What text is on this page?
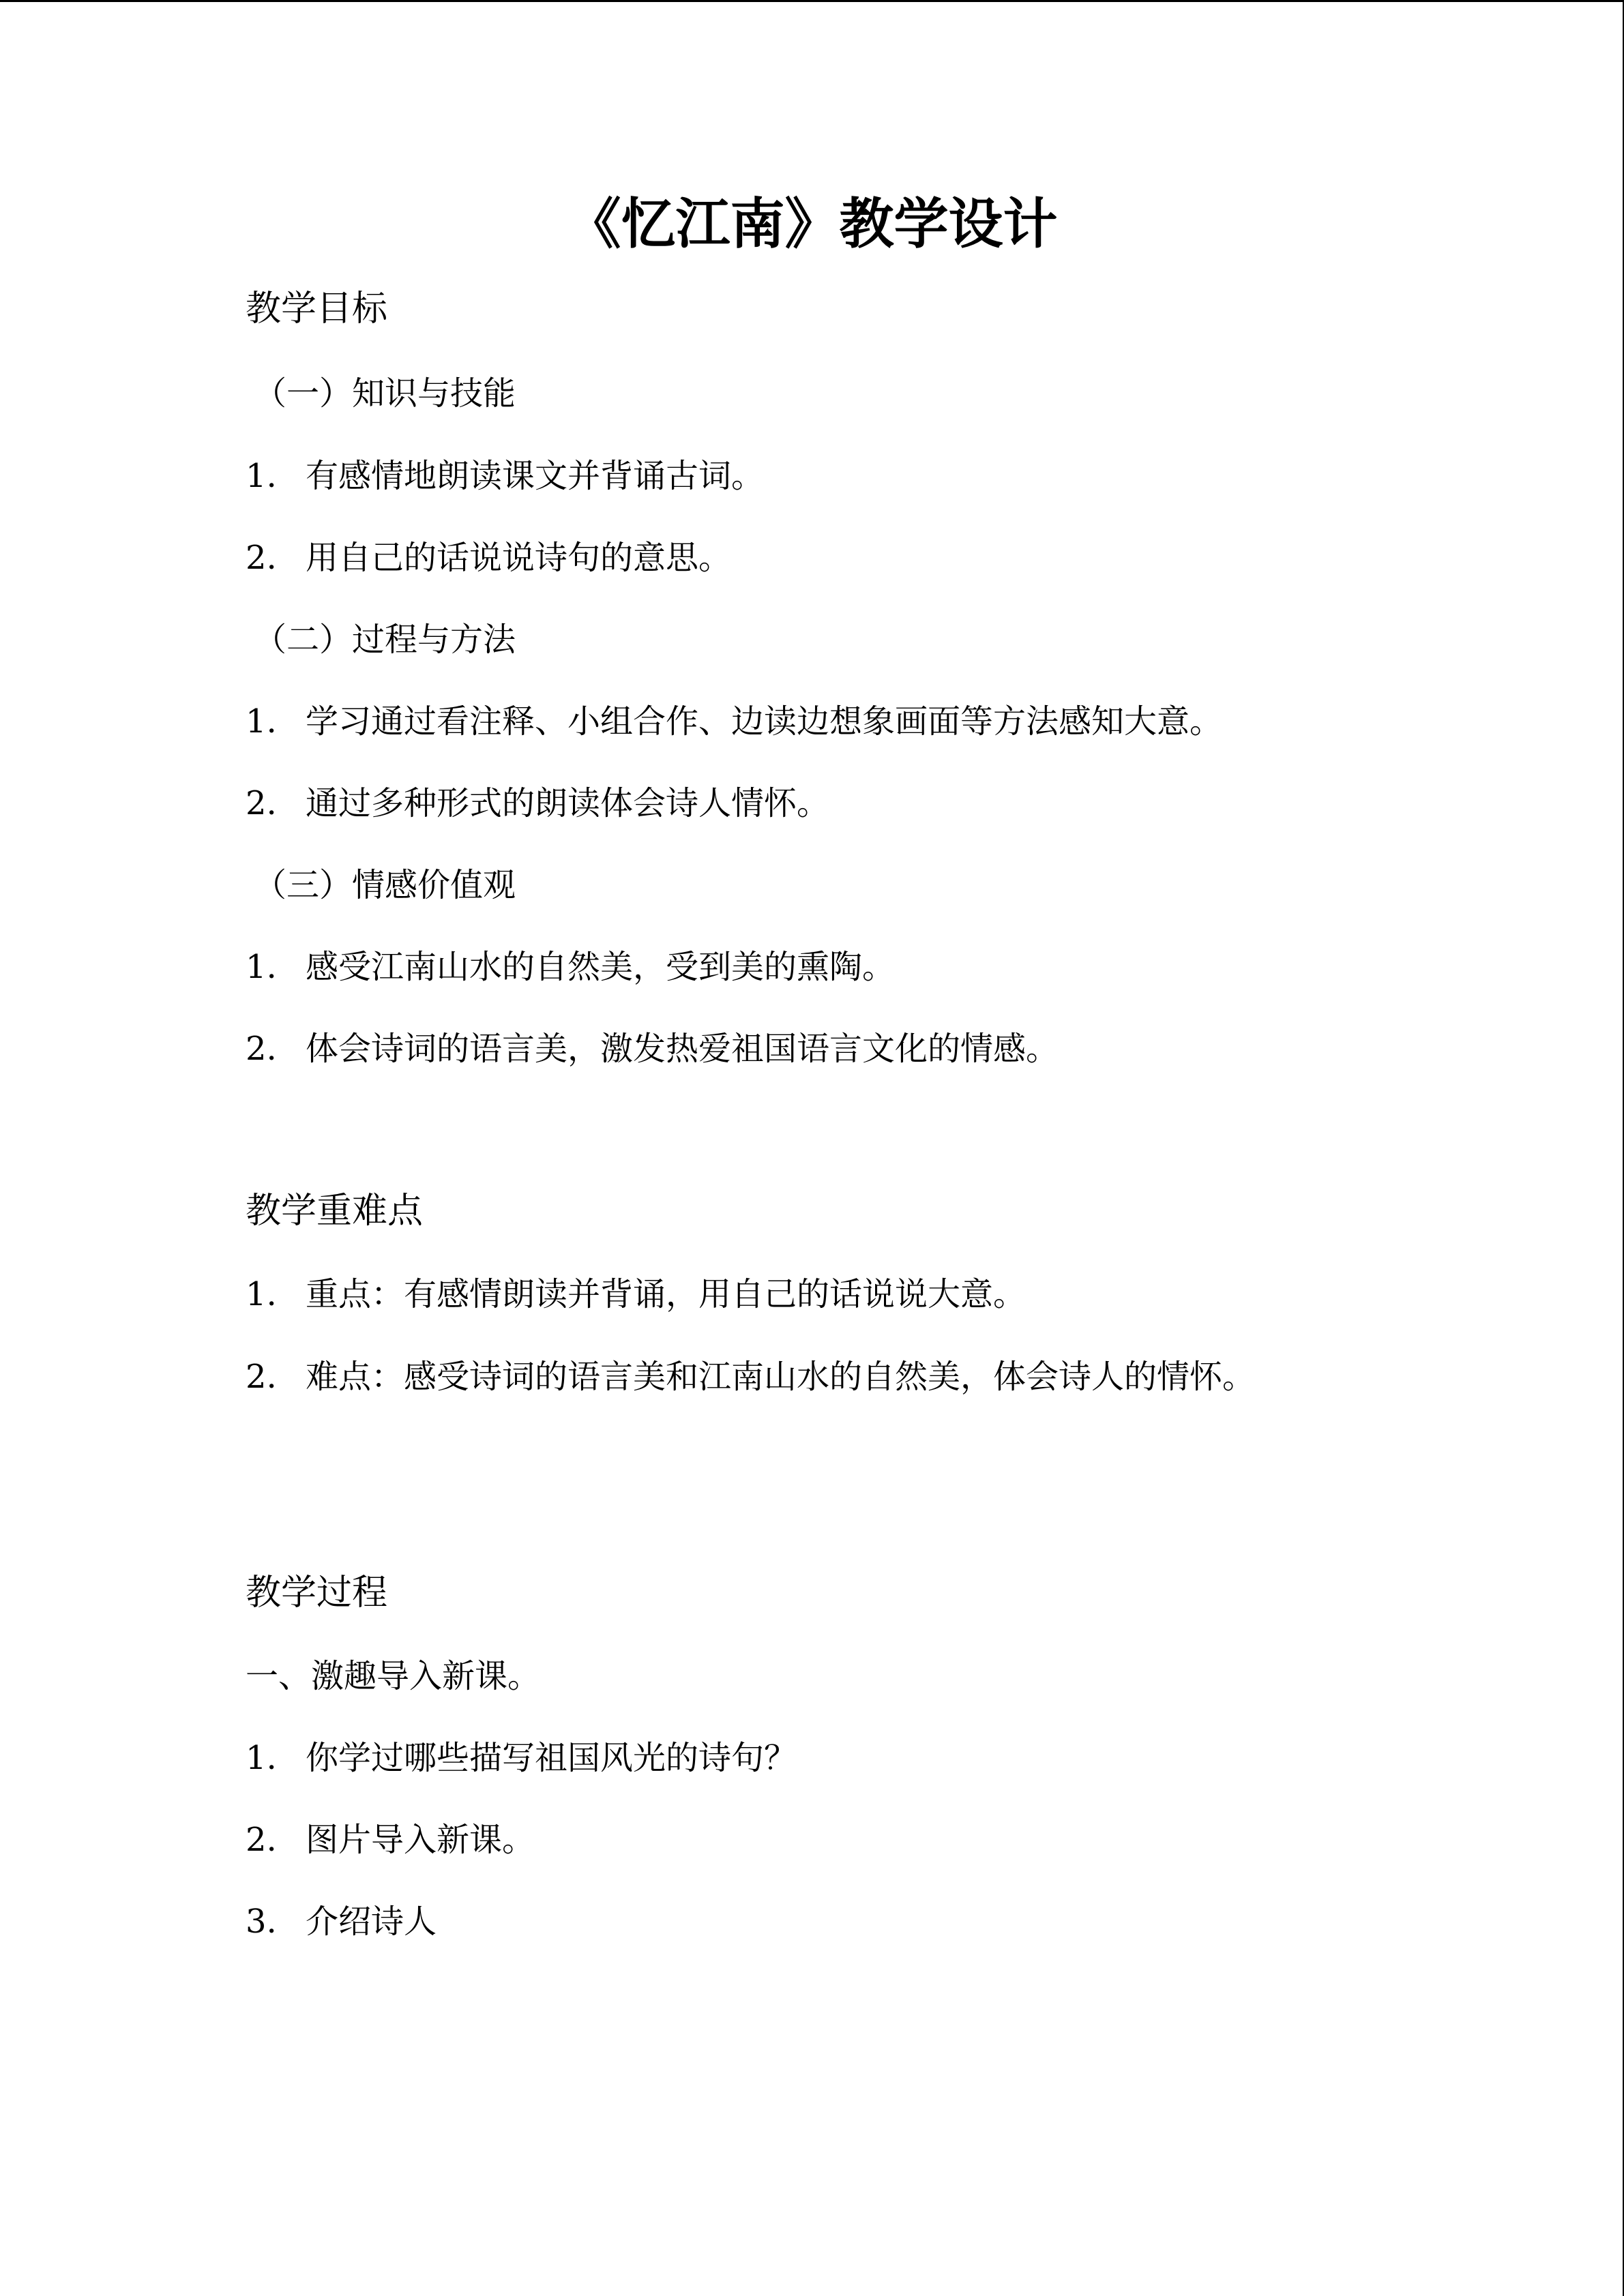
《忆江南》教学设计
教学目标
（一）知识与技能
1. 有感情地朗读课文并背诵古词。
2. 用自己的话说说诗句的意思。
（二）过程与方法
1. 学习通过看注释、小组合作、边读边想象画面等方法感知大意。
2. 通过多种形式的朗读体会诗人情怀。
（三）情感价值观
1. 感受江南山水的自然美，受到美的熏陶。
2. 体会诗词的语言美，激发热爱祖国语言文化的情感。
教学重难点
1. 重点：有感情朗读并背诵，用自己的话说说大意。
2. 难点：感受诗词的语言美和江南山水的自然美，体会诗人的情怀。
教学过程
一、激趣导入新课。
1. 你学过哪些描写祖国风光的诗句？
2. 图片导入新课。
3. 介绍诗人
